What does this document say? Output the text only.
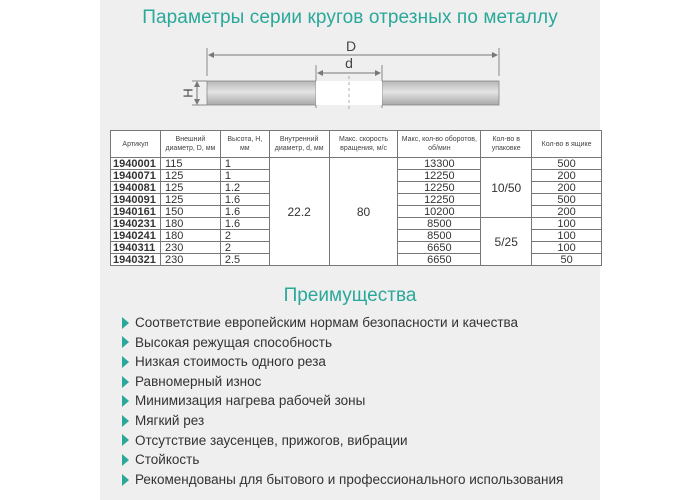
Параметры серии кругов отрезных по металлу
D
d
H
Артикул	Внешний диаметр, D, мм	Высота, H, мм	Внутренний диаметр, d, мм	Макс. скорость вращения, м/с	Макс, кол-во оборотов, об/мин	Кол-во в упаковке	Кол-во в ящике
1940001	115	1	22.2	80	13300	10/50	500
1940071	125	1			12250		200
1940081	125	1.2			12250		200
1940091	125	1.6			12250		500
1940161	150	1.6			10200		200
1940231	180	1.6			8500	5/25	100
1940241	180	2			8500		100
1940311	230	2			6650		100
1940321	230	2.5			6650		50
Преимущества
Соответствие европейским нормам безопасности и качества
Высокая режущая способность
Низкая стоимость одного реза
Равномерный износ
Минимизация нагрева рабочей зоны
Мягкий рез
Отсутствие заусенцев, прижогов, вибрации
Стойкость
Рекомендованы для бытового и профессионального использования
